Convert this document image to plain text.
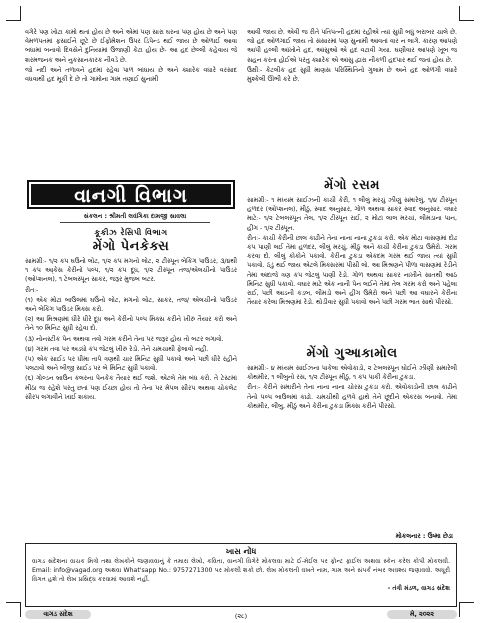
વગેરે પણ ખોટા કામો થતાં હોય છે અને એમાં પણ સારા ઘરના પણ હોય છે અને પણ વેમળપતમાં ફસાઈને છૂટે છે ઈંફોમેશન ઉપર ડિપેન્ડ થઈ જાય છે ઓળાઈ આવા બધામાં બનાવો દિવસેને દુનિયામાં ઉજાણી કેટા હોય છે- આ હદ છેલ્લી કહેવાય જે શરમજનક અને નુકસાનકારક નીવડે છે.

જો નદી અને તળાવને હદમાં રહેવા પાળ બાંધાય છે અને ક્યારેક વધારે વરસાદ વધવાથી હદ મૂકી દે છે તો ગામોના ગામ તણાઈ સુનામી

આવી જાય છે. એવી જ રીતે પતિપત્ની હદમાં રહીએ ત્યાં સુધી બધું બરાબર ચાલે છે. જો હદ ઓળંગાઈ જાય તો સંસારમાં પણ સુનામી આવતાં વાર ન લાગે. કારણ આપણે આપી હલ્લી આંખોને હદ, આંસુઓ એ હદ વટાવી ગયા. ઘણીવાર આપણે ખૂબ જ સહન કરતા હોઈએ પરંતુ ક્યારેક એ આંસુ દ્વારા નીકળી હદપાર થઈ જતાં હોય છે.

ઉક્ષીઃ- કેટલીક હદ સુધી માણસ પરિસ્થિતિનો ગુલામ છે અને હદ ઓળંગી વધારે મુશ્કેલી ઊભી કરે છે.

વાનગી વિભાગ
સંકલન : શ્રીમતી લવંગિકા દામજી સાવલા
કૂકીઝ રેસિપી વિભાગ
મેંગો પેનકેક્સ

સામગ્રીઃ- ૧/૨ કપ ઘઉંનો લોટ, ૧/૨ કપ મગનો લોટ, ૨ ટીસ્પૂન બેકિંગ પાઉડર, ૩/૪થી ૧ કપ આ્કેસ કેરીનો પલ્પ, ૧/૨ કપ દૂધ, ૧/૨ ટીસ્પૂન તજ/એલચીનો પાઉડર (ઓપ્શનલ), ૧ ટેબલસ્પૂન સાકર, જરૂર મુજબ બટર.

રીતઃ-

(૧) એક મોટા બાઉલમાં ઘઉંનો લોટ, મગનો લોટ, સાકર, તજ/ એલચીનો પાઉડર અને બેકિંગ પાઉડર મિક્સ કરો.

(૨) આ મિશ્રણમાં ધીરે ધીરે દૂધ અને કેરીનો પલ્પ મિક્સ કરીને ખીરું તૈયાર કરો અને તેને ૧૦ મિનિટ સુધી રહેવા દો.

(૩) નોનસ્ટીક પેન અથવા તવો ગરમ કરીને તેના પર જરૂર હોય તો બટર લગાવો.

(૪) ગરમ તવા પર અડધો કપ જેટલું ખીરું રેડો. તેને ચમચાથી ફેલાવો નહીં.

(૫) એક સાઈડ પર ધીમા તાપે ત્રણથી ચાર મિનિટ સુધી પકાવો અને પછી ધીરે રહીને પલટાવો અને બીજી સાઈડ પર બે મિનિટ સુધી પકાવો.

(૬) ગોલ્ડન બ્રાઉન કલરના પેનકેક તૈયાર થઈ જશે. એટલે તેમ બંધ કરો. તે ટેસ્ટમાં મીઠા જ રહેશે પરંતુ છતાં પણ ઈચ્છા હોય તો તેના પર મેપલ સીરપ અથવા ચોકલેટ સીરપ લગાવીને ખાઈ શકાય.

મેંગો રસમ

સામગ્રીઃ- ૧ મધ્યમ સાઈઝની કાચી કેરી, ૧ લીલું મરચું ઝીણું સમારેલું, ૧/૪ ટીસ્પૂન હળદર (ઓપ્શનલ), મીઠું, સ્વાદ અનુસાર, ગોળ અથવા સાકર સ્વાદ અનુસાર. વઘાર માટેઃ- ૧/૨ ટેબલસ્પૂન તેલ, ૧/૨ ટીસ્પૂન રાઈ, ૨ મોટાં લાલ મરચાં, લીમડાના પાન, હીંગ - ૧/૨ ટીસ્પૂન.

રીતઃ- કાચી કેરીની છાલ કાઢીને તેના નાના નાના ટુકડા કરો. એક મોટા વાસણમાં દોઢ કપ પાણી લઈ તેમાં હળદર, લીલું મરચું, મીઠું અને કાચી કેરીના ટુકડા ઉમેરો. ગરમ કરવા દો. લીલું કોકોને પકાવો. કેરીના ટુકડા એકદમ ગરમ થઈ જાય ત્યાં સુધી પકાવો. ઠંડું થઈ જાય એટલે મિક્સરમાં પીસી લો. આ મિશ્રણને પીળા વાસણમાં રેડીને તેમાં અંદાજે ત્રણ કપ જેટલું પાણી રેડો. ગોળ અથવા સાકર નાખીને સાતથી આઠ મિનિટ સુધી પકાવો. વઘાર માટે એક નાની પેન લઈને તેમાં તેલ ગરમ કરો અને પહેલા રાઈ, પછી આડની કડબ, લીમડો અને હીંગ ઉમેરો અને પછી આ વઘારને કેરીના તૈયાર કરેલા મિશ્રણમાં રેડો. થોડીવાર સુધી પકાવો અને પછી ગરમ ભાત સાથે પીરસો.

મેંગો ગુઆકામોલ

સામગ્રીઃ- ૪ મધ્યમ સાઈઝના પાકેલા એવોકાડો, ૨ ટેબલસ્પૂન ઘોઈને ઝીણી સમારેલી કોથમીર, ૧ લીંબુનો રસ, ૧/૨ ટીસ્પૂન મીઠું, ૧ કપ પાકી કેરીના ટુકડા.

રીતઃ- કેરીને સમારીને તેના નાના નાના ચોરસ ટુકડા કરો. એવોકાડોની છાલ કાઢીને તેનો પલ્પ બાઉલમાં કાઢો. ચમચીથી હળવે હાથે તેને છૂંદીને એકરસ બનાવો. તેમાં કોથમીર, લીંબુ, મીઠું અને કેરીના ટુકડા મિક્સ કરીને પીરસો.

મોકલનાર : ઉષ્મા છેડા
ખાસ નોંધ
વાગડ સંદેશના વાચક મિત્રો તથા લેખકોને જણાવવાનું કે તમારા લેખો, કવિતા, વાનગી વિગેરે મોકલવા માટે ઈ-મેઈલ પર ફોન્ટ ફાઈલ અથવા સ્કેન કરેલ કોપી મોકલવી. Email: info@vagad.org અથવા What'sapp No.: 9757271300 પર મોકલી શકો છો. લેખ મોકલતી વખતે નામ, ગામ અને સંપર્ક નંબર અવશ્ય જણાવવો. અધૂરી વિગત હશે તો લેખ પ્રસિદ્ધ કરવામાં આવશે નહીં.
- તંત્રી મંડળ, વાગડ સંદેશ
વાગડ સંદેશ	(૨૮)	મે, ૨૦૨૨
